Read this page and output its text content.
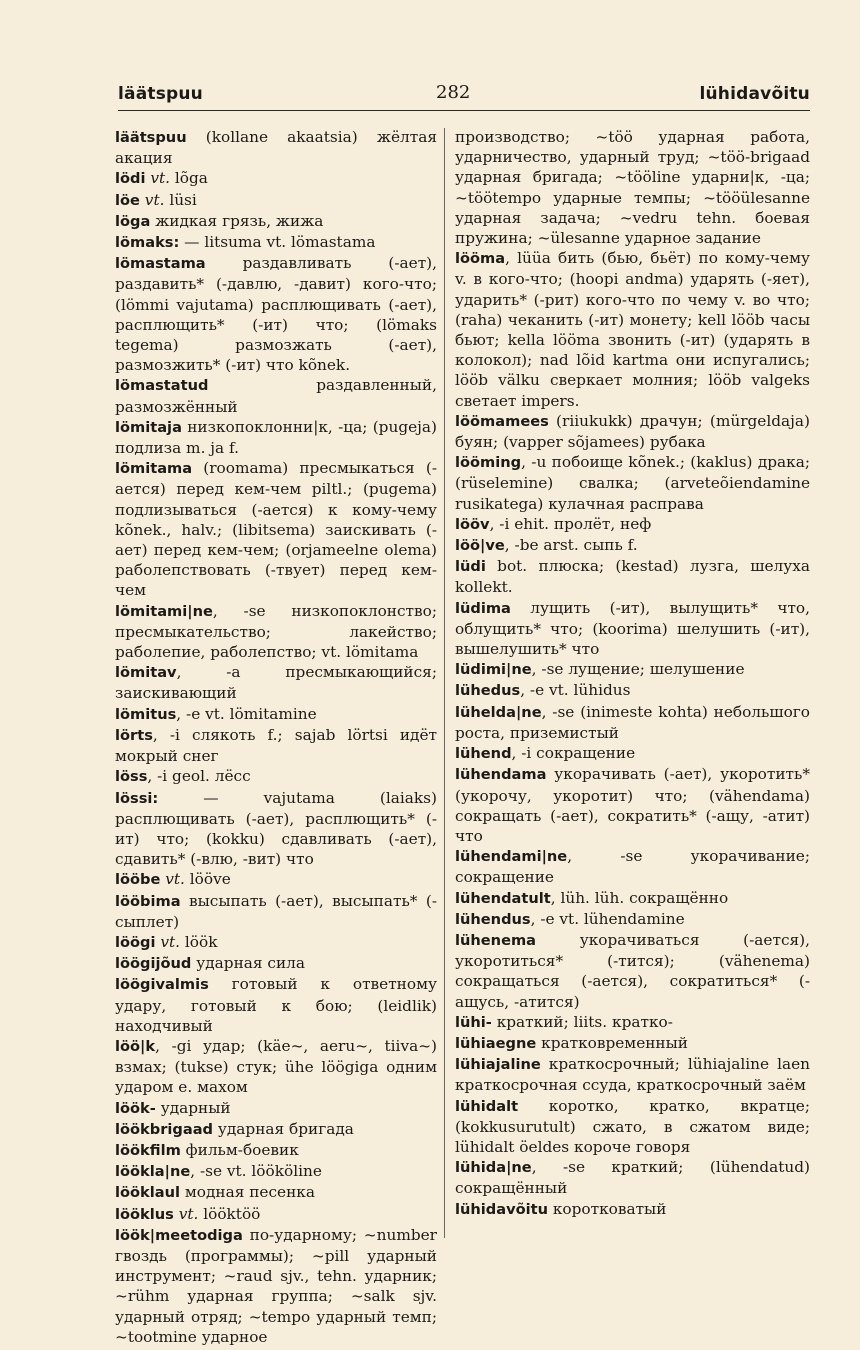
läätspuu	282	lühidavõitu

läätspuu (kollane akaatsia) жёлтая акация

lödi vt. lõga

löe vt. lüsi

löga жидкая грязь, жижа

lömaks: — litsuma vt. lömastama

lömastama раздавливать (-ает), раздавить* (-давлю, -давит) кого-что; (lömmi vajutama) расплющивать (-ает), расплющить* (-ит) что; (lömaks tegema) размозжать (-ает), размозжить* (-ит) что kõnek.

lömastatud раздавленный, размозжённый

lömitaja низкопоклонни|к, -ца; (pugeja) подлиза m. ja f.

lömitama (roomama) пресмыкаться (-ается) перед кем-чем piltl.; (pugema) подлизываться (-ается) к кому-чему kõnek., halv.; (libitsema) заискивать (-ает) перед кем-чем; (orjameelne olema) раболепствовать (-твует) перед кем-чем

lömitami|ne, -se низкопоклонство; пресмыкательство; лакейство; раболепие, раболепство; vt. lömitama

lömitav, -a пресмыкающийся; заискивающий

lömitus, -e vt. lömitamine

lörts, -i слякоть f.; sajab lörtsi идёт мокрый снег

löss, -i geol. лёсс

lössi: — vajutama (laiaks) расплющивать (-ает), расплющить* (-ит) что; (kokku) сдавливать (-ает), сдавить* (-влю, -вит) что

lööbe vt. lööve

lööbima высыпать (-ает), высыпать* (-сыплет)

löögi vt. löök

löögijõud ударная сила

löögivalmis готовый к ответному удару, готовый к бою; (leidlik) находчивый

löö|k, -gi удар; (käe~, aeru~, tiiva~) взмах; (tukse) стук; ühe löögiga одним ударом e. махом

löök- ударный

löökbrigaad ударная бригада

löökfilm фильм-боевик

löökla|ne, -se vt. löököline

lööklaul модная песенка

lööklus vt. lööktöö

löök|meetodiga по-ударному; ~number гвоздь (программы); ~pill ударный инструмент; ~raud sjv., tehn. ударник; ~rühm ударная группа; ~salk sjv. ударный отряд; ~tempo ударный темп; ~tootmine ударное

производство; ~töö ударная работа, ударничество, ударный труд; ~töö-brigaad ударная бригада; ~tööline ударни|к, -ца; ~töötempo ударные темпы; ~tööülesanne ударная задача; ~vedru tehn. боевая пружина; ~ülesanne ударное задание

lööma, lüüa бить (бью, бьёт) по кому-чему v. в кого-что; (hoopi andma) ударять (-яет), ударить* (-рит) кого-что по чему v. во что; (raha) чеканить (-ит) монету; kell lööb часы бьют; kella lööma звонить (-ит) (ударять в колокол); nad lõid kartma они испугались; lööb välku сверкает молния; lööb valgeks светает impers.

löömamees (riiukukk) драчун; (mürgeldaja) буян; (vapper sõjamees) рубака

lööming, -u побоище kõnek.; (kaklus) драка; (rüselemine) свалка; (arveteõiendamine rusikatega) кулачная расправа

lööv, -i ehit. пролёт, неф

löö|ve, -be arst. сыпь f.

lüdi bot. плюска; (kestad) лузга, шелуха kollekt.

lüdima лущить (-ит), вылущить* что, облущить* что; (koorima) шелушить (-ит), вышелушить* что

lüdimi|ne, -se лущение; шелушение

lühedus, -e vt. lühidus

lühelda|ne, -se (inimeste kohta) небольшого роста, приземистый

lühend, -i сокращение

lühendama укорачивать (-ает), укоротить* (укорочу, укоротит) что; (vähendama) сокращать (-ает), сократить* (-ащу, -атит) что

lühendami|ne, -se укорачивание; сокращение

lühendatult, lüh. lüh. сокращённо

lühendus, -e vt. lühendamine

lühenema укорачиваться (-ается), укоротиться* (-тится); (vähenema) сокращаться (-ается), сократиться* (-ащусь, -атится)

lühi- краткий; liits. кратко-

lühiaegne кратковременный

lühiajaline краткосрочный; lühiajaline laen краткосрочная ссуда, краткосрочный заём

lühidalt коротко, кратко, вкратце; (kokkusurutult) сжато, в сжатом виде; lühidalt öeldes короче говоря

lühida|ne, -se краткий; (lühendatud) сокращённый

lühidavõitu коротковатый
